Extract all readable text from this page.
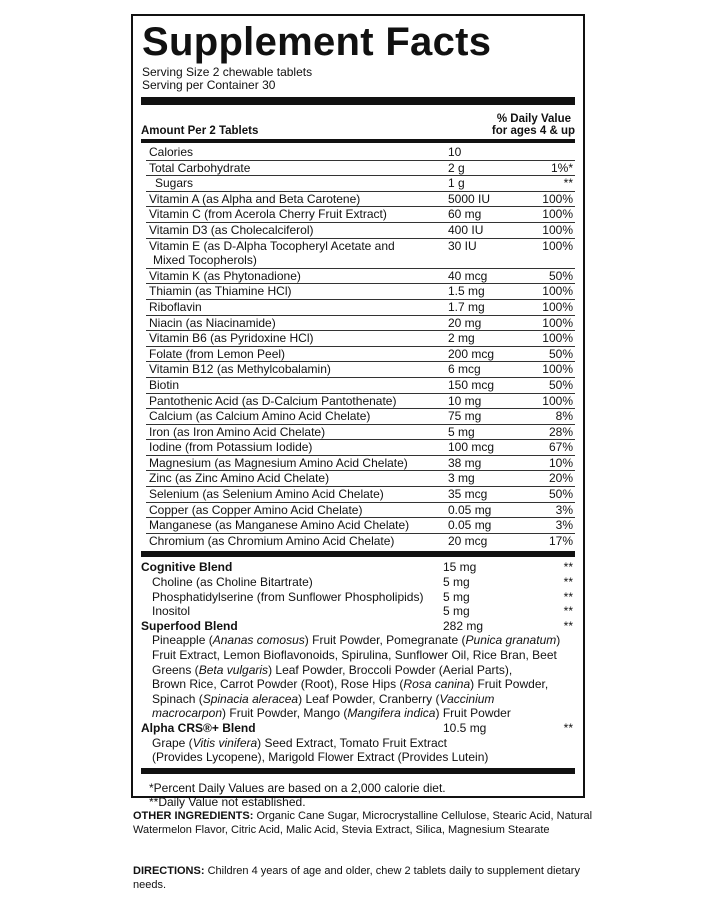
Supplement Facts
Serving Size 2 chewable tablets
Serving per Container 30
Amount Per 2 Tablets
% Daily Value
for ages 4 & up
Calories	10
Total Carbohydrate	2 g	1%*
Sugars	1 g	**
Vitamin A (as Alpha and Beta Carotene)	5000 IU	100%
Vitamin C (from Acerola Cherry Fruit Extract)	60 mg	100%
Vitamin D3 (as Cholecalciferol)	400 IU	100%
Vitamin E (as D-Alpha Tocopheryl Acetate and
Mixed Tocopherols)
30 IU	100%
Vitamin K (as Phytonadione)	40 mcg	50%
Thiamin (as Thiamine HCl)	1.5 mg	100%
Riboflavin	1.7 mg	100%
Niacin (as Niacinamide)	20 mg	100%
Vitamin B6 (as Pyridoxine HCl)	2 mg	100%
Folate (from Lemon Peel)	200 mcg	50%
Vitamin B12 (as Methylcobalamin)	6 mcg	100%
Biotin	150 mcg	50%
Pantothenic Acid (as D-Calcium Pantothenate)	10 mg	100%
Calcium (as Calcium Amino Acid Chelate)	75 mg	8%
Iron (as Iron Amino Acid Chelate)	5 mg	28%
Iodine (from Potassium Iodide)	100 mcg	67%
Magnesium (as Magnesium Amino Acid Chelate)	38 mg	10%
Zinc (as Zinc Amino Acid Chelate)	3 mg	20%
Selenium (as Selenium Amino Acid Chelate)	35 mcg	50%
Copper (as Copper Amino Acid Chelate)	0.05 mg	3%
Manganese (as Manganese Amino Acid Chelate)	0.05 mg	3%
Chromium (as Chromium Amino Acid Chelate)	20 mcg	17%
Cognitive Blend	15 mg	**
Choline (as Choline Bitartrate)	5 mg	**
Phosphatidylserine (from Sunflower Phospholipids)	5 mg	**
Inositol	5 mg	**
Superfood Blend	282 mg	**
Pineapple (Ananas comosus) Fruit Powder, Pomegranate (Punica granatum)
Fruit Extract, Lemon Bioflavonoids, Spirulina, Sunflower Oil, Rice Bran, Beet
Greens (Beta vulgaris) Leaf Powder, Broccoli Powder (Aerial Parts),
Brown Rice, Carrot Powder (Root), Rose Hips (Rosa canina) Fruit Powder,
Spinach (Spinacia aleracea) Leaf Powder, Cranberry (Vaccinium
macrocarpon) Fruit Powder, Mango (Mangifera indica) Fruit Powder
Alpha CRS®+ Blend	10.5 mg	**
Grape (Vitis vinifera) Seed Extract, Tomato Fruit Extract
(Provides Lycopene), Marigold Flower Extract (Provides Lutein)
*Percent Daily Values are based on a 2,000 calorie diet.
**Daily Value not established.
OTHER INGREDIENTS: Organic Cane Sugar, Microcrystalline Cellulose, Stearic Acid, Natural Watermelon Flavor, Citric Acid, Malic Acid, Stevia Extract, Silica, Magnesium Stearate
DIRECTIONS: Children 4 years of age and older, chew 2 tablets daily to supplement dietary needs.
